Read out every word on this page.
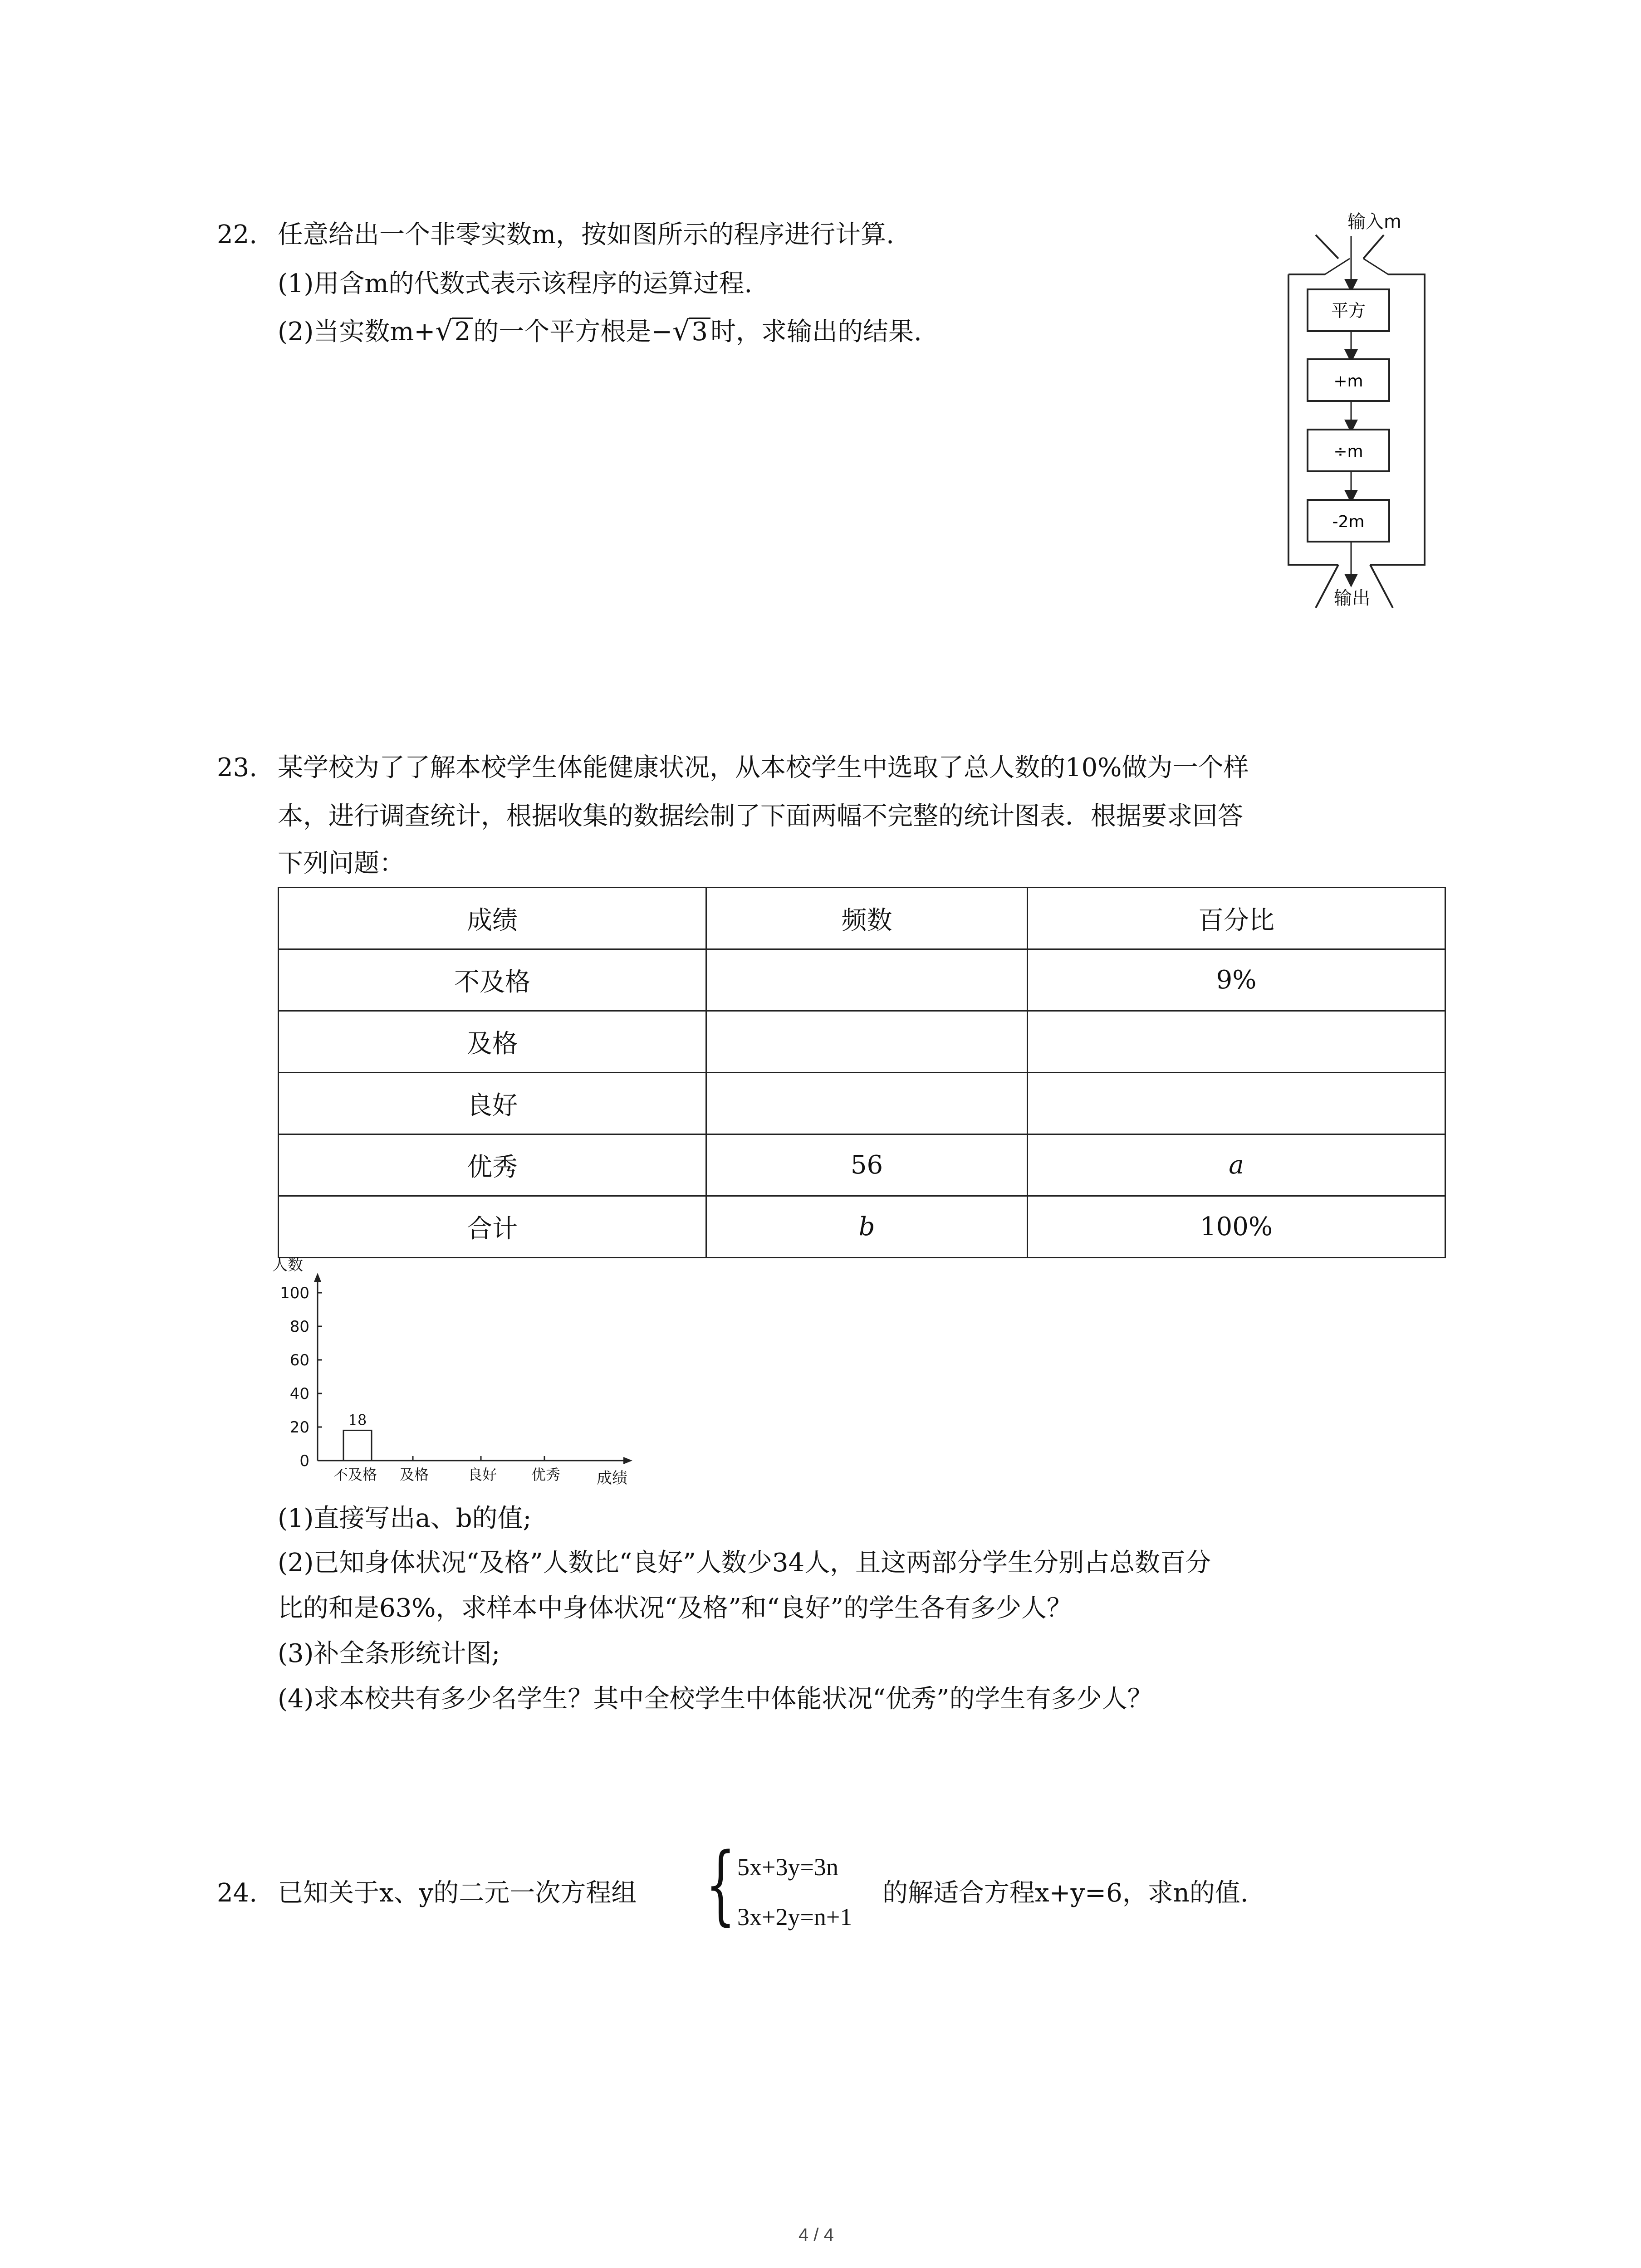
22. 任意给出一个非零实数m，按如图所示的程序进行计算.
(1)用含m的代数式表示该程序的运算过程.
(2)当实数m+√2 的一个平方根是−√3 时，求输出的结果.
输入m
平方
+m
÷m
-2m
输出
23. 某学校为了了解本校学生体能健康状况，从本校学生中选取了总人数的10%做为一个样
本，进行调查统计，根据收集的数据绘制了下面两幅不完整的统计图表．根据要求回答
下列问题：
成绩	频数	百分比
不及格		9%
及格		
良好		
优秀	56	a
合计	b	100%
人数
成绩
0
20
40
60
80
100
不及格
18
及格	良好 优秀
(1)直接写出a、b的值;
(2)已知身体状况“及格”人数比“良好”人数少34人，且这两部分学生分别占总数百分
比的和是63%，求样本中身体状况“及格”和“良好”的学生各有多少人？
(3)补全条形统计图;
(4)求本校共有多少名学生？其中全校学生中体能状况“优秀”的学生有多少人？
24. 已知关于x、y的二元一次方程组 { 5x+3y=3n
3x+2y=n+1
的解适合方程x+y=6，求n的值.
4 / 4
